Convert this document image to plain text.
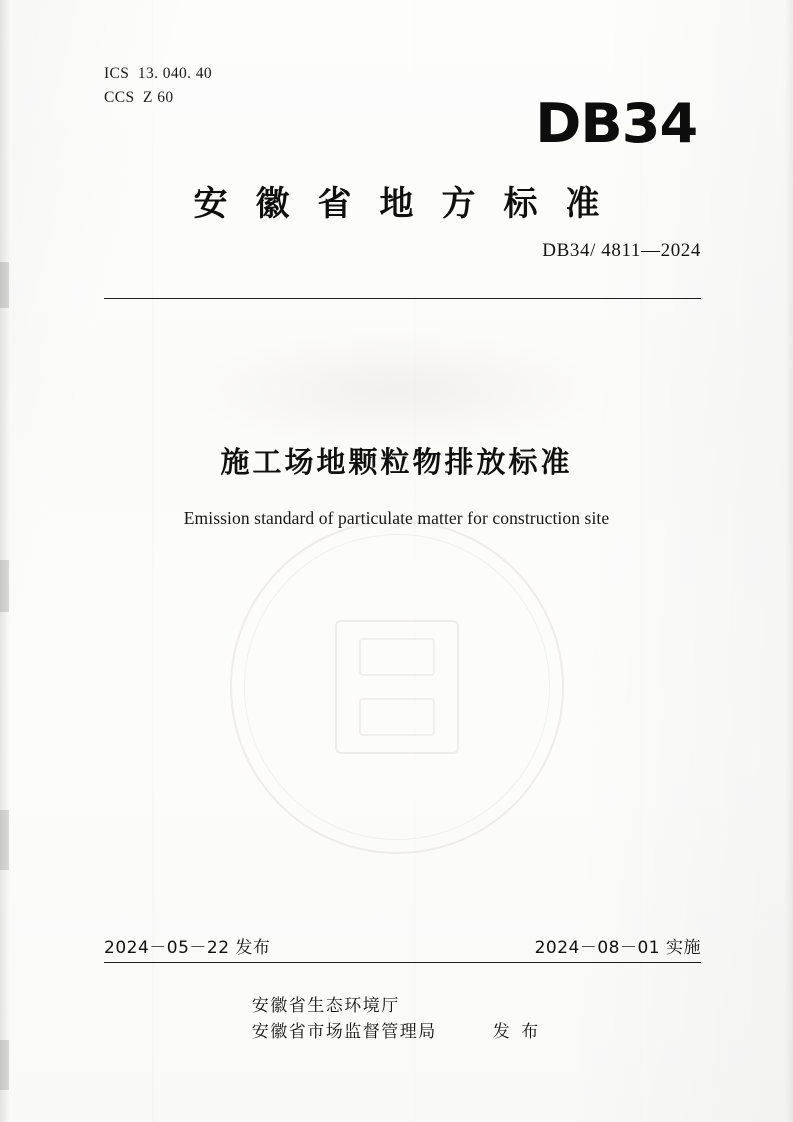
ICS  13. 040. 40
CCS  Z 60	DB34
安徽省地方标准
DB34/ 4811—2024
施工场地颗粒物排放标准
Emission standard of particulate matter for construction site
2024－05－22 发布	2024－08－01 实施
安徽省生态环境厅
安徽省市场监督管理局	发 布
